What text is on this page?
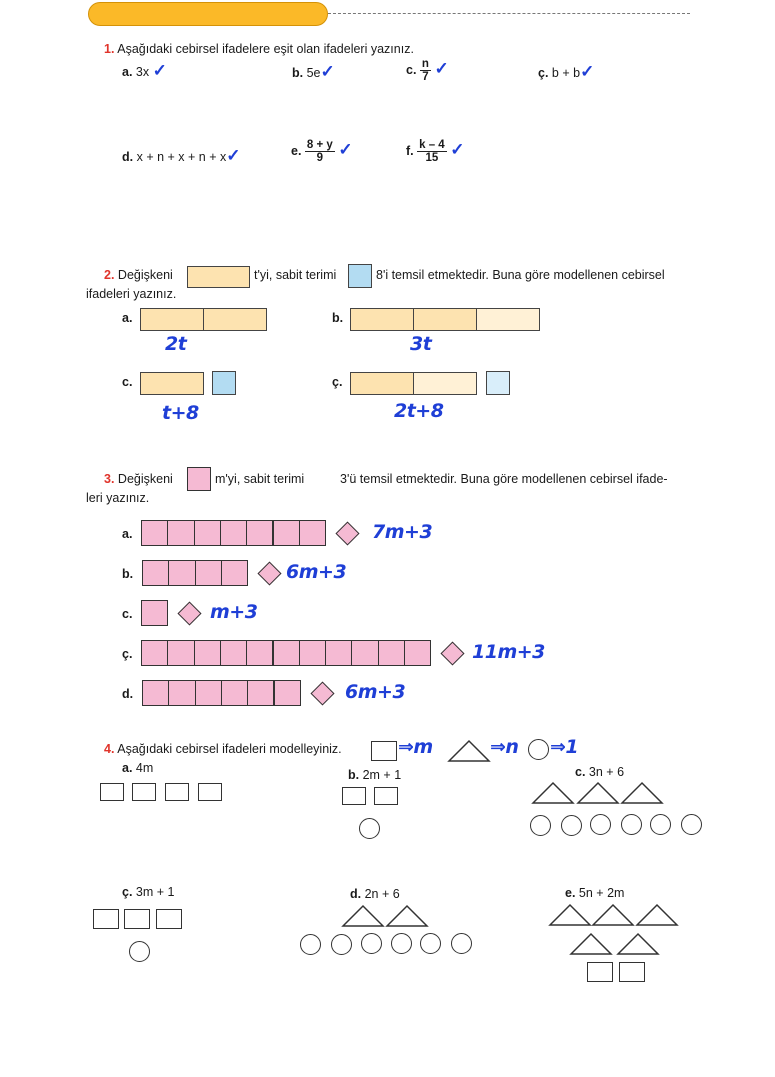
1. Aşağıdaki cebirsel ifadelere eşit olan ifadeleri yazınız.
a. 3x ✓	b. 5e✓	c. $\frac{n}{7}$ ✓	ç. b + b✓
d. x + n + x + n + x✓	e. $\frac{8 + y}{9}$ ✓	f. $\frac{k - 4}{15}$ ✓
2. Değişkeni	t'yi, sabit terimi	8'i temsil etmektedir. Buna göre modellenen cebirsel
ifadeleri yazınız.
a.
2t
b.
3t
c.
t+8
ç.
2t+8
3. Değişkeni	m'yi, sabit terimi	3'ü temsil etmektedir. Buna göre modellenen cebirsel ifade-
leri yazınız.
a.	7m+3
b.	6m+3
c.	m+3
ç.	11m+3
d.	6m+3
4. Aşağıdaki cebirsel ifadeleri modelleyiniz.	⇒m	⇒n ⇒1
a. 4m	b. 2m + 1	c. 3n + 6
ç. 3m + 1	d. 2n + 6	e. 5n + 2m
